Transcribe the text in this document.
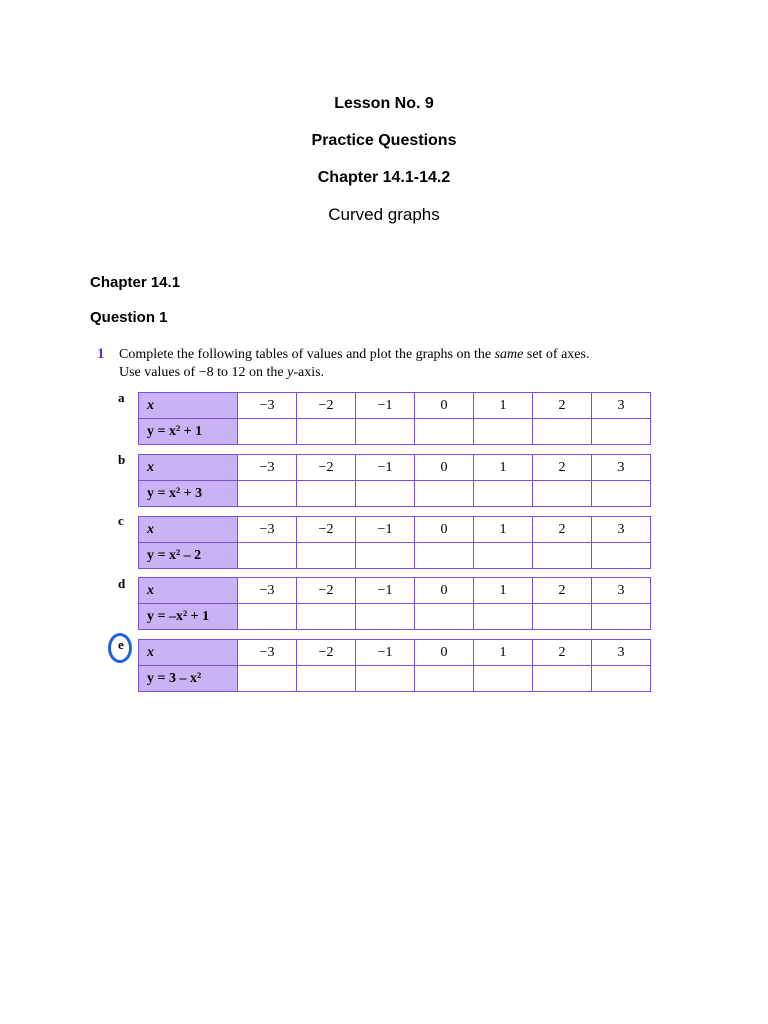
Lesson No. 9
Practice Questions
Chapter 14.1-14.2
Curved graphs
Chapter 14.1
Question 1
1 Complete the following tables of values and plot the graphs on the same set of axes.
Use values of −8 to 12 on the y-axis.
a x	−3	−2	−1	0	1	2	3
y = x² + 1							
b x	−3	−2	−1	0	1	2	3
y = x² + 3							
c
x	−3	−2	−1	0	1	2	3
y = x² – 2							
d x	−3	−2	−1	0	1	2	3
y = –x² + 1							
e x	−3	−2	−1	0	1	2	3
y = 3 – x²							
